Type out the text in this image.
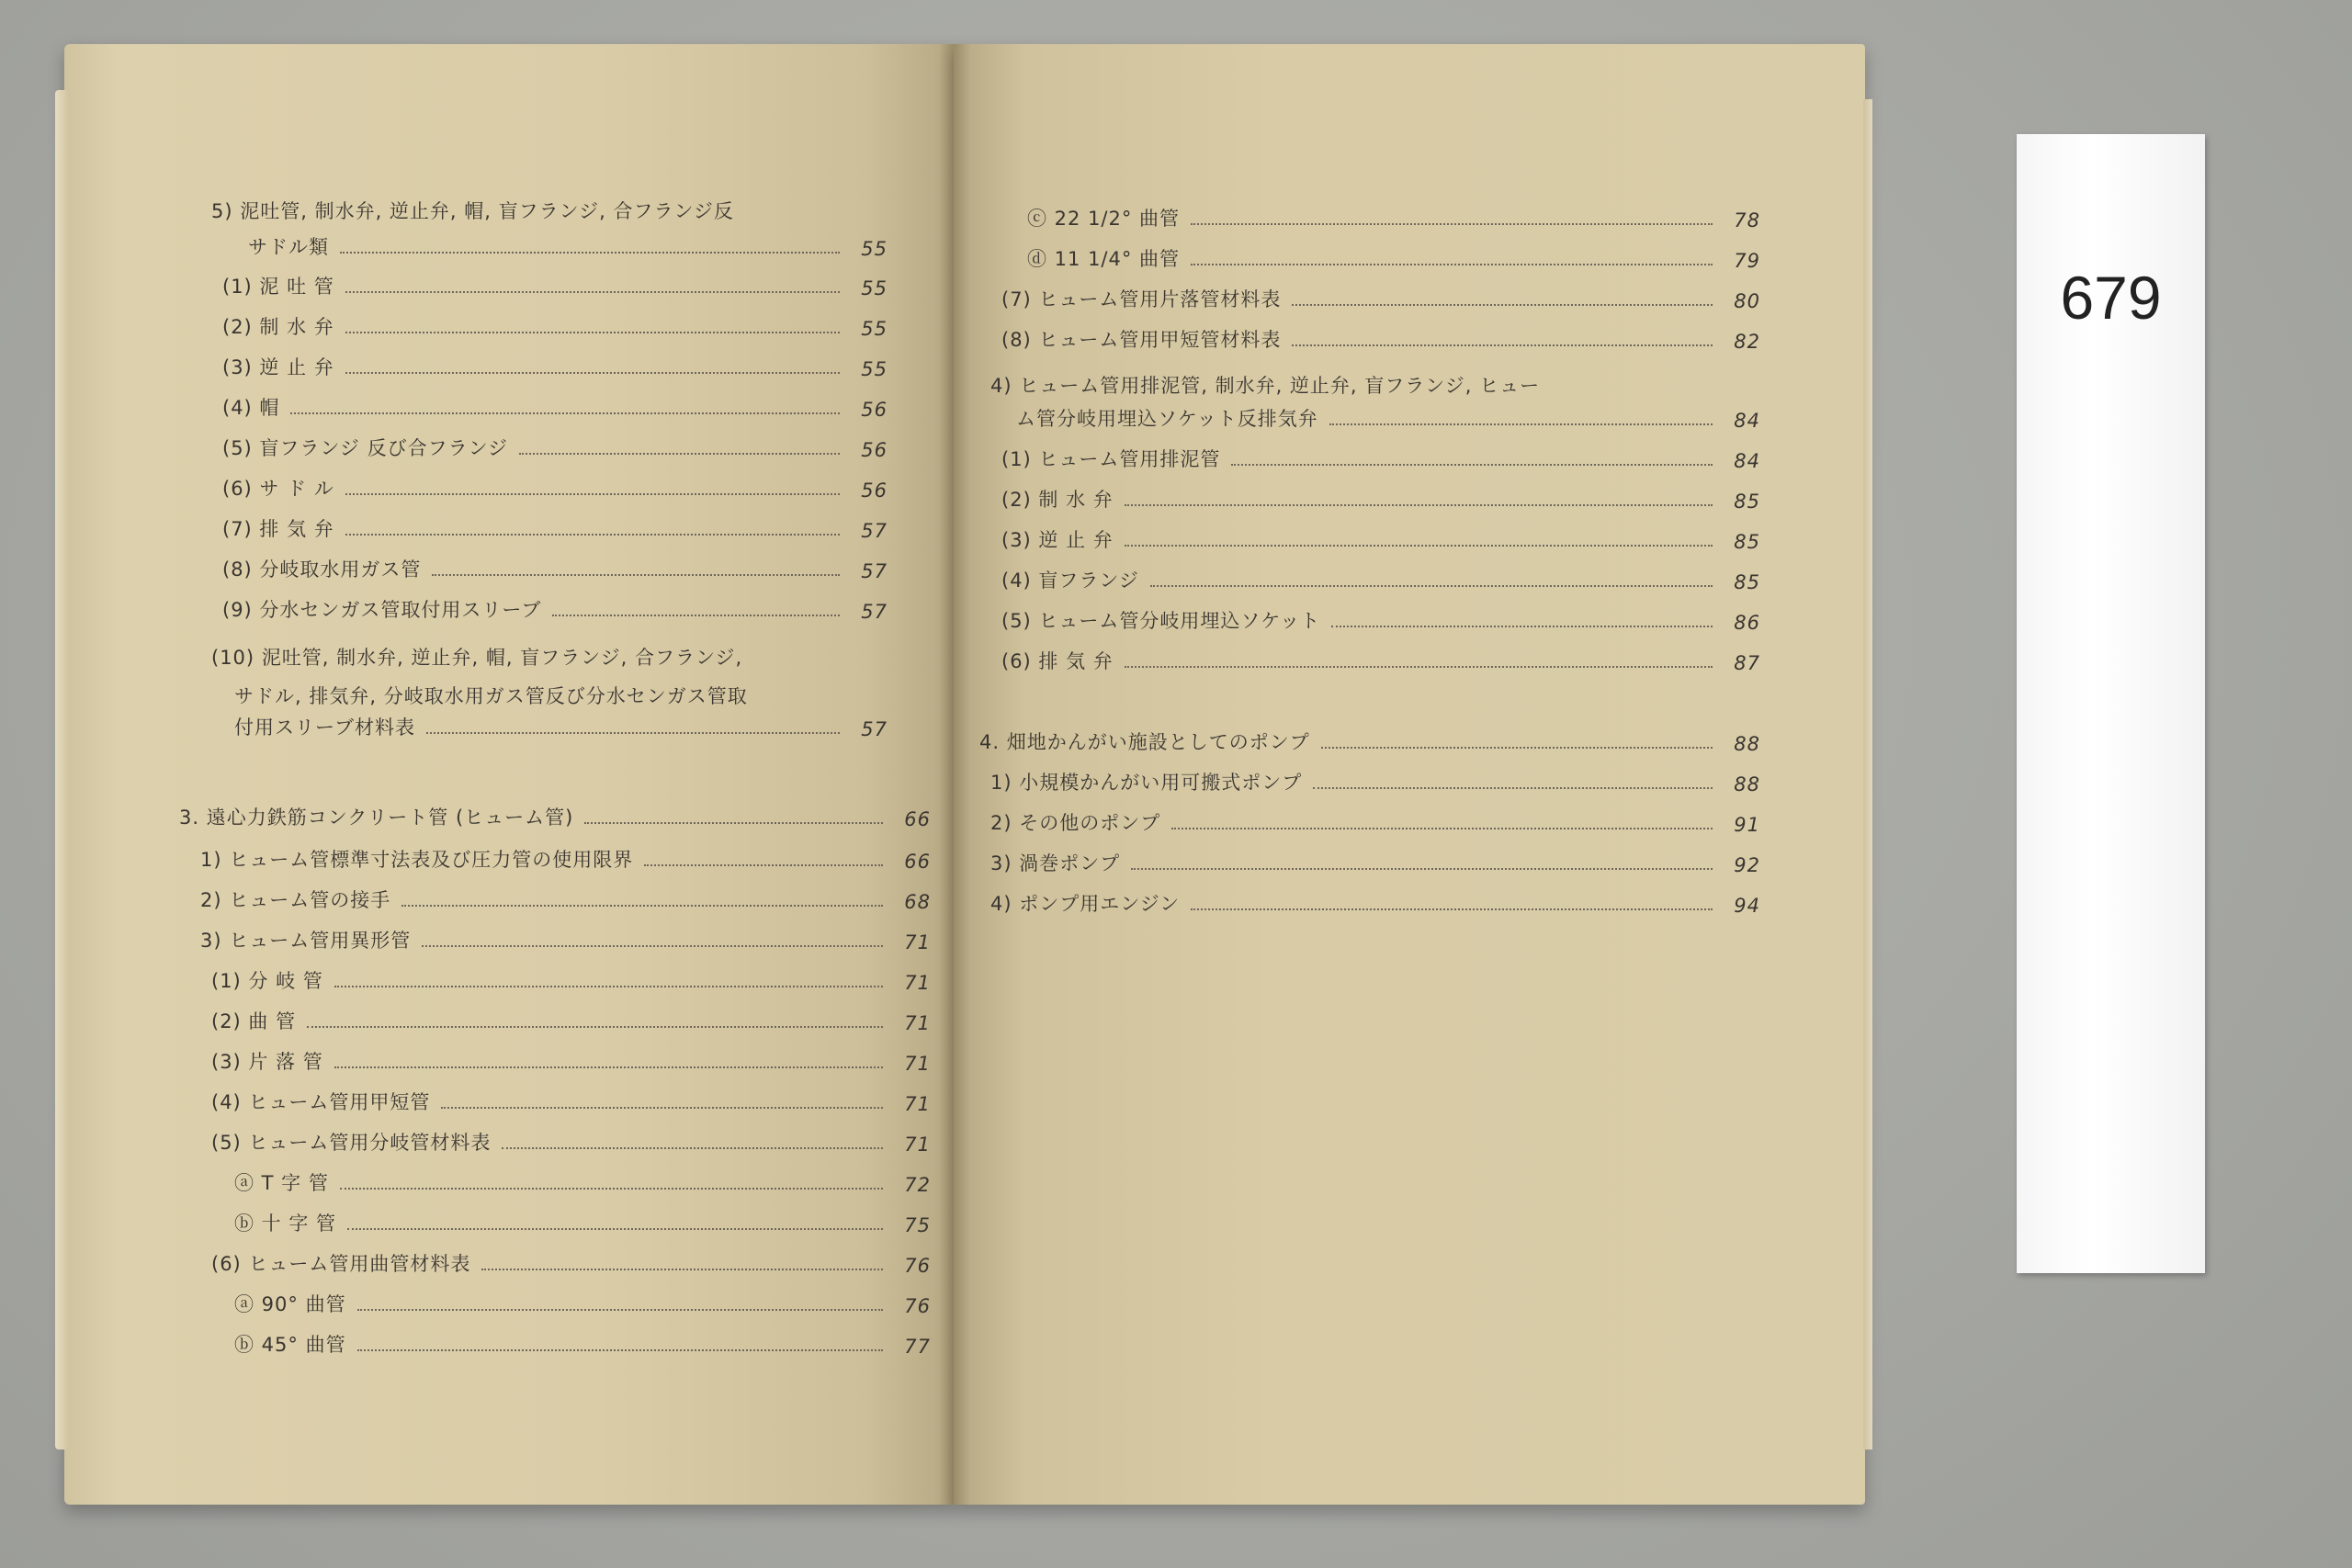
5) 泥吐管, 制水弁, 逆止弁, 帽, 盲フランジ, 合フランジ反
サドル類	55
(1) 泥 吐 管	55
(2) 制 水 弁	55
(3) 逆 止 弁	55
(4) 帽	56
(5) 盲フランジ 反び合フランジ	56
(6) サ ド ル	56
(7) 排 気 弁	57
(8) 分岐取水用ガス管	57
(9) 分水センガス管取付用スリーブ	57
(10) 泥吐管, 制水弁, 逆止弁, 帽, 盲フランジ, 合フランジ,
サドル, 排気弁, 分岐取水用ガス管反び分水センガス管取
付用スリーブ材料表	57
3. 遠心力鉄筋コンクリート管 (ヒューム管)	66
1) ヒューム管標準寸法表及び圧力管の使用限界	66
2) ヒューム管の接手	68
3) ヒューム管用異形管	71
(1) 分 岐 管	71
(2) 曲 管	71
(3) 片 落 管	71
(4) ヒューム管用甲短管	71
(5) ヒューム管用分岐管材料表	71
ⓐ T 字 管	72
ⓑ 十 字 管	75
(6) ヒューム管用曲管材料表	76
ⓐ 90° 曲管	76
ⓑ 45° 曲管	77
ⓒ 22 1/2° 曲管	78
ⓓ 11 1/4° 曲管	79
(7) ヒューム管用片落管材料表	80
(8) ヒューム管用甲短管材料表	82
4) ヒューム管用排泥管, 制水弁, 逆止弁, 盲フランジ, ヒュー
ム管分岐用埋込ソケット反排気弁	84
(1) ヒューム管用排泥管	84
(2) 制 水 弁	85
(3) 逆 止 弁	85
(4) 盲フランジ	85
(5) ヒューム管分岐用埋込ソケット	86
(6) 排 気 弁	87
4. 畑地かんがい施設としてのポンプ	88
1) 小規模かんがい用可搬式ポンプ	88
2) その他のポンプ	91
3) 渦巻ポンプ	92
4) ポンプ用エンジン	94
679
